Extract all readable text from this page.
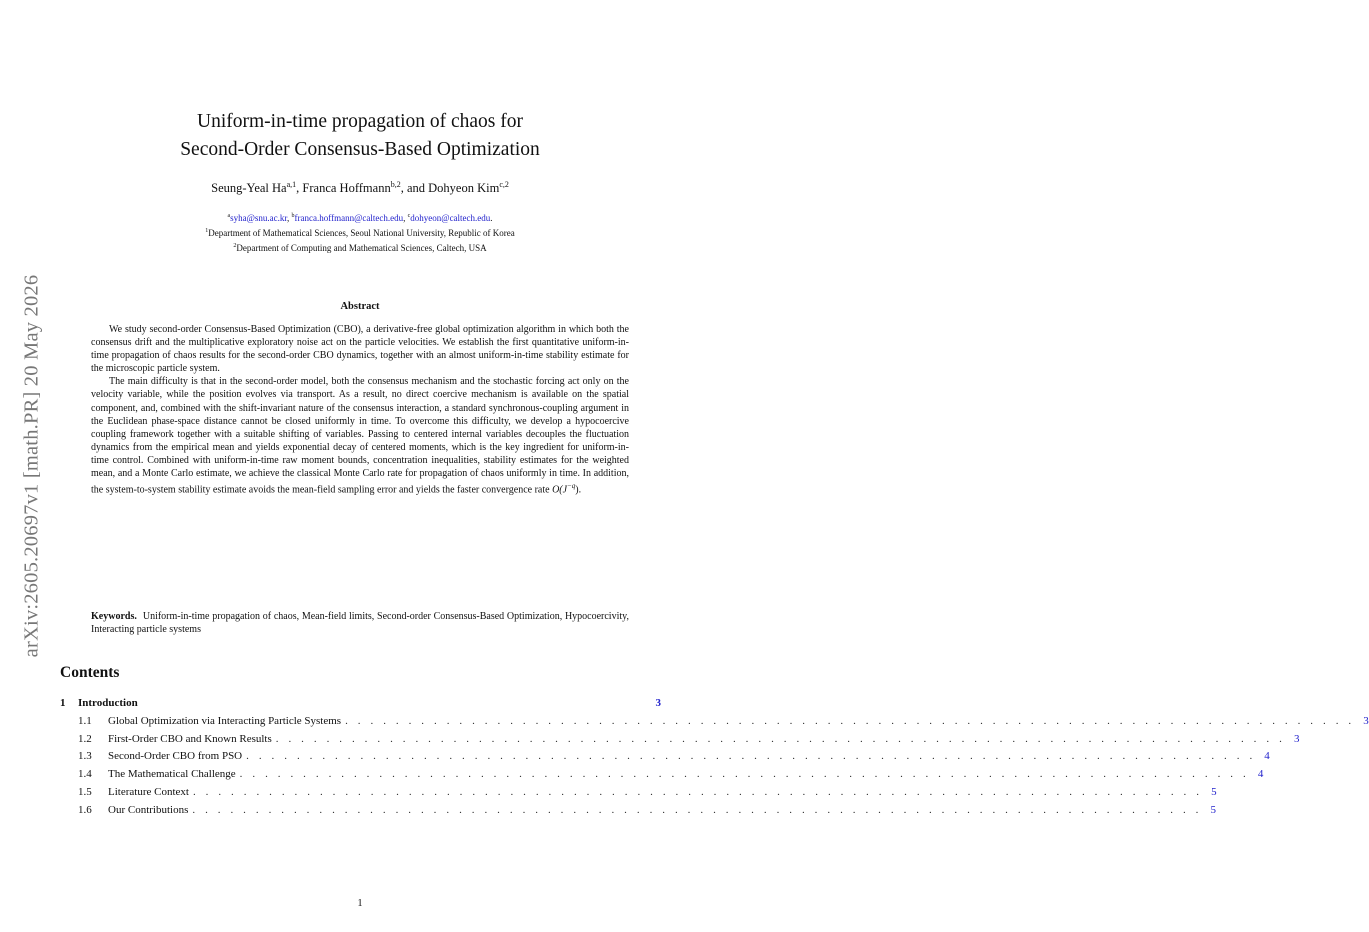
arXiv:2605.20697v1 [math.PR] 20 May 2026
Uniform-in-time propagation of chaos for
Second-Order Consensus-Based Optimization
Seung-Yeal Ha$^{a,1}$, Franca Hoffmann$^{b,2}$, and Dohyeon Kim$^{c,2}$
$^a$syha@snu.ac.kr, $^b$franca.hoffmann@caltech.edu, $^c$dohyeon@caltech.edu.
$^1$Department of Mathematical Sciences, Seoul National University, Republic of Korea
$^2$Department of Computing and Mathematical Sciences, Caltech, USA
Abstract

We study second-order Consensus-Based Optimization (CBO), a derivative-free global optimization algorithm in which both the consensus drift and the multiplicative exploratory noise act on the particle velocities. We establish the first quantitative uniform-in-time propagation of chaos results for the second-order CBO dynamics, together with an almost uniform-in-time stability estimate for the microscopic particle system.

The main difficulty is that in the second-order model, both the consensus mechanism and the stochastic forcing act only on the velocity variable, while the position evolves via transport. As a result, no direct coercive mechanism is available on the spatial component, and, combined with the shift-invariant nature of the consensus interaction, a standard synchronous-coupling argument in the Euclidean phase-space distance cannot be closed uniformly in time. To overcome this difficulty, we develop a hypocoercive coupling framework together with a suitable shifting of variables. Passing to centered internal variables decouples the fluctuation dynamics from the empirical mean and yields exponential decay of centered moments, which is the key ingredient for uniform-in-time control. Combined with uniform-in-time raw moment bounds, concentration inequalities, stability estimates for the weighted mean, and a Monte Carlo estimate, we achieve the classical Monte Carlo rate for propagation of chaos uniformly in time. In addition, the system-to-system stability estimate avoids the mean-field sampling error and yields the faster convergence rate $O(J^{-q})$.

Keywords. Uniform-in-time propagation of chaos, Mean-field limits, Second-order Consensus-Based Optimization, Hypocoercivity, Interacting particle systems
Contents
1	Introduction	3
1.1	Global Optimization via Interacting Particle Systems . . . . . . . . . . . . . . . . . . . . . . . . . . . . . . . . . . . . . . . . . . . . . . . . . . . . . . . . . . . . . . . . . . . . . . . . . . . . . . . . 3
1.2	First-Order CBO and Known Results . . . . . . . . . . . . . . . . . . . . . . . . . . . . . . . . . . . . . . . . . . . . . . . . . . . . . . . . . . . . . . . . . . . . . . . . . . . . . . . . 3
1.3	Second-Order CBO from PSO . . . . . . . . . . . . . . . . . . . . . . . . . . . . . . . . . . . . . . . . . . . . . . . . . . . . . . . . . . . . . . . . . . . . . . . . . . . . . . . . 4
1.4	The Mathematical Challenge . . . . . . . . . . . . . . . . . . . . . . . . . . . . . . . . . . . . . . . . . . . . . . . . . . . . . . . . . . . . . . . . . . . . . . . . . . . . . . . . 4
1.5	Literature Context . . . . . . . . . . . . . . . . . . . . . . . . . . . . . . . . . . . . . . . . . . . . . . . . . . . . . . . . . . . . . . . . . . . . . . . . . . . . . . . . 5
1.6	Our Contributions . . . . . . . . . . . . . . . . . . . . . . . . . . . . . . . . . . . . . . . . . . . . . . . . . . . . . . . . . . . . . . . . . . . . . . . . . . . . . . . . 5
1
